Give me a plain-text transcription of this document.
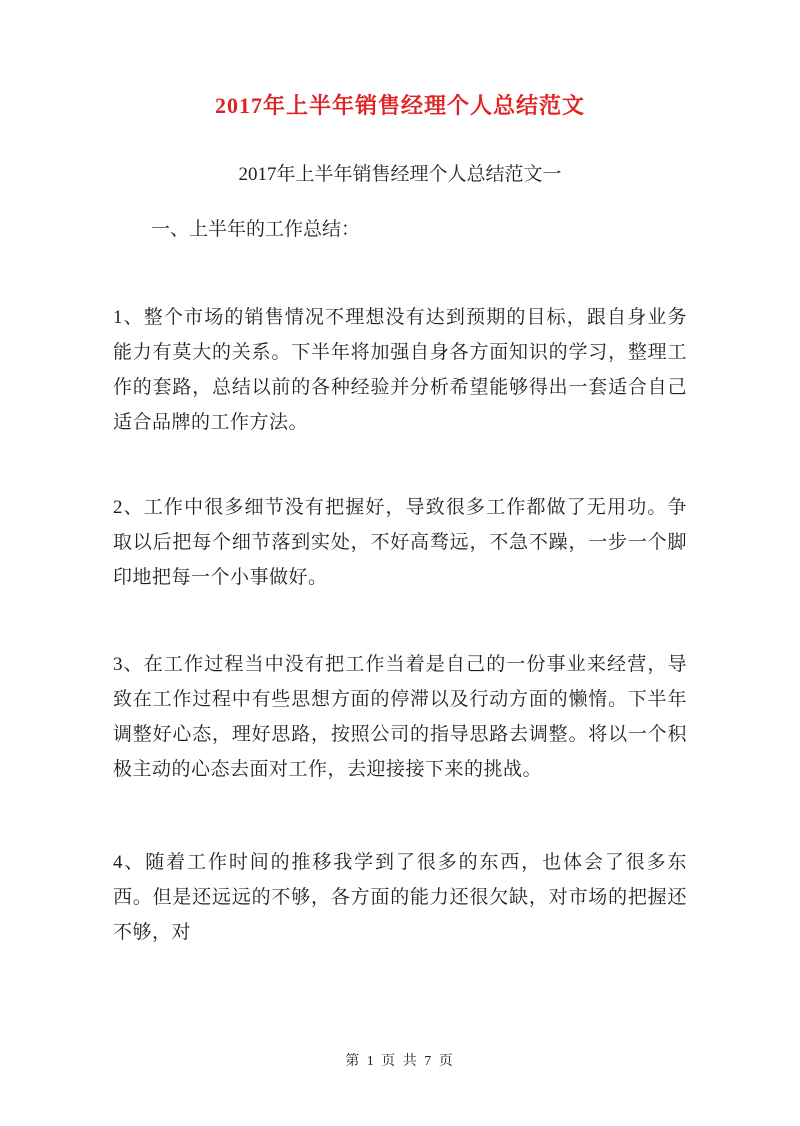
2017年上半年销售经理个人总结范文
2017年上半年销售经理个人总结范文一
一、上半年的工作总结：

1、整个市场的销售情况不理想没有达到预期的目标，跟自身业务能力有莫大的关系。下半年将加强自身各方面知识的学习，整理工作的套路，总结以前的各种经验并分析希望能够得出一套适合自己适合品牌的工作方法。

2、工作中很多细节没有把握好，导致很多工作都做了无用功。争取以后把每个细节落到实处，不好高骛远，不急不躁，一步一个脚印地把每一个小事做好。

3、在工作过程当中没有把工作当着是自己的一份事业来经营，导致在工作过程中有些思想方面的停滞以及行动方面的懒惰。下半年调整好心态，理好思路，按照公司的指导思路去调整。将以一个积极主动的心态去面对工作，去迎接接下来的挑战。

4、随着工作时间的推移我学到了很多的东西，也体会了很多东西。但是还远远的不够，各方面的能力还很欠缺，对市场的把握还不够，对

第 1 页 共 7 页
